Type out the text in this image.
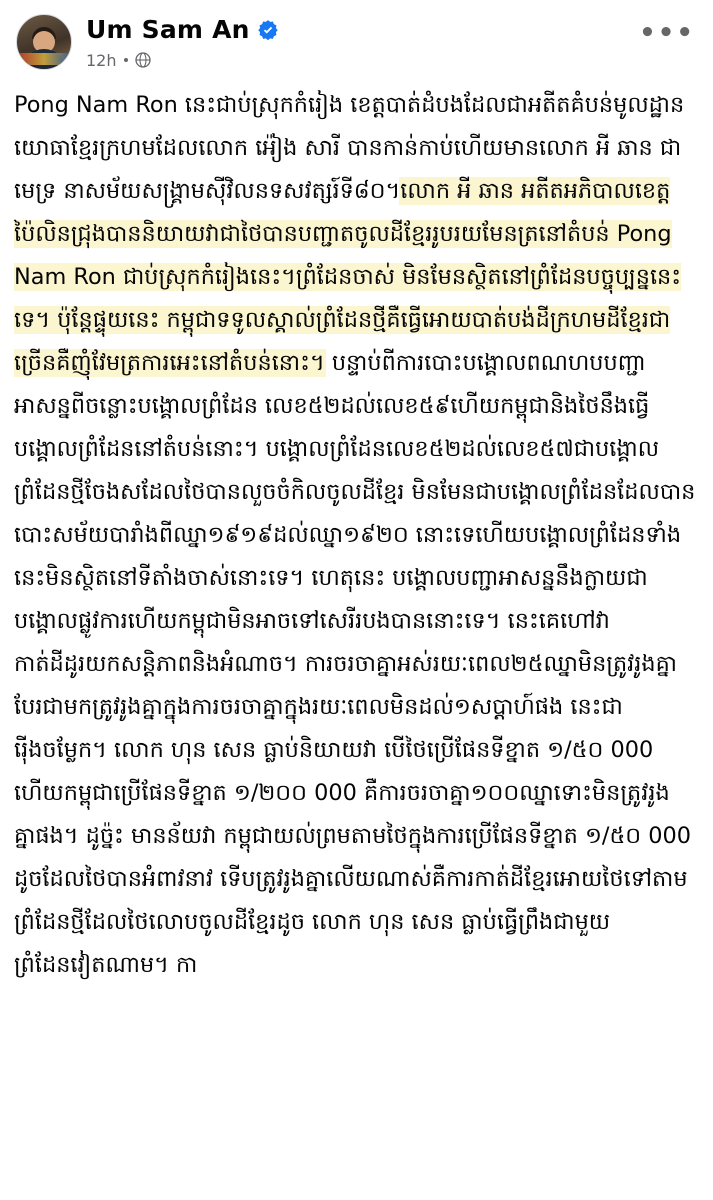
Um Sam An
12h
•••
Pong Nam Ron នេះជាប់ស្រុកកំរៀង ខេត្តបាត់ដំបងដែលជាអតីតគំបន់មូលដ្ឋានយោធាខ្មែរក្រហមដែលលោក អ៉ៀង សារី បានកាន់កាប់ហើយមានលោក អី ឆាន ជាមេទ្រ នាសម័យសង្គ្រាមស៊ីវិលនទសវត្សរ៍ទី៨០។លោក អី ឆាន អតីតអភិបាលខេត្តប៉ៃលិនជ្រុងបាននិយាយវាជាថៃបានបញ្ជាតចូលដីខ្មែររូបរយមែនត្រនៅតំបន់ Pong Nam Ron ជាប់ស្រុកកំរៀងនេះ។ព្រំដែនចាស់ មិនមែនស្ថិតនៅព្រំដែនបច្ចុប្បន្ននេះទេ។ ប៉ុន្តែផ្ទុយនេះ កម្ពុជាទទូលស្គាល់ព្រំដែនថ្មីគឺធ្វើអោយបាត់បង់ដីក្រហមដីខ្មែរជាច្រើនគឺញុំវែមត្រការអេះនៅតំបន់នោះ។ បន្ទាប់ពីការបោះបង្គោលពណហបបញ្ជាអាសន្នពីចន្លោះបង្គោលព្រំដែន លេខ៥២ដល់លេខ៥៩ហើយកម្ពុជានិងថៃនឹងធ្វើបង្គោលព្រំដែននៅតំបន់នោះ។ បង្គោលព្រំដែនលេខ៥២ដល់លេខ៥៧ជាបង្គោលព្រំដែនថ្មីចែងសដែលថៃបានលួចចំកិលចូលដីខ្មែរ មិនមែនជាបង្គោលព្រំដែនដែលបានបោះសម័យបារាំងពីឈ្នា១៩១៩ដល់ឈ្នា១៩២០ នោះទេហើយបង្គោលព្រំដែនទាំងនេះមិនស្ថិតនៅទីតាំងចាស់នោះទេ។ ហេតុនេះ បង្គោលបញ្ជាអាសន្ននឹងក្លាយជាបង្គោលផ្លូវការហើយកម្ពុជាមិនអាចទៅសេរីរបងបាននោះទេ។ នេះគេហៅវា កាត់ដីដូរយកសន្តិភាពនិងអំណាច។ ការចរចាគ្នាអស់រយៈពេល២៥ឈ្នាមិនត្រូវរូងគ្នា បែរជាមកត្រូវរូងគ្នាក្នុងការចរចាគ្នាក្នុងរយៈពេលមិនដល់១សប្តាហ៍ផង នេះជារ៉ើងចម្លែក។ លោក ហុន សេន ធ្លាប់និយាយវា បើថៃប្រើផែនទីខ្នាត ១/៥០ 000 ហើយកម្ពុជាប្រើផែនទីខ្នាត ១/២០០ 000 គឺការចរចាគ្នា១០០ឈ្នាទោះមិនត្រូវរូងគ្នាផង។ ដូច្ន៉ះ មានន័យវា កម្ពុជាយល់ព្រមតាមថៃក្នុងការប្រើផែនទីខ្នាត ១/៥០ 000 ដូចដែលថៃបានអំពាវនាវ ទើបត្រូវរូងគ្នាលើយណាស់គឺការកាត់ដីខ្មែរអោយថៃទៅតាមព្រំដែនថ្មីដែលថៃលោបចូលដីខ្មែរដូច លោក ហុន សេន ធ្លាប់ធ្វើព្រឹងជាមួយព្រំដែនវៀតណាម។ កា
